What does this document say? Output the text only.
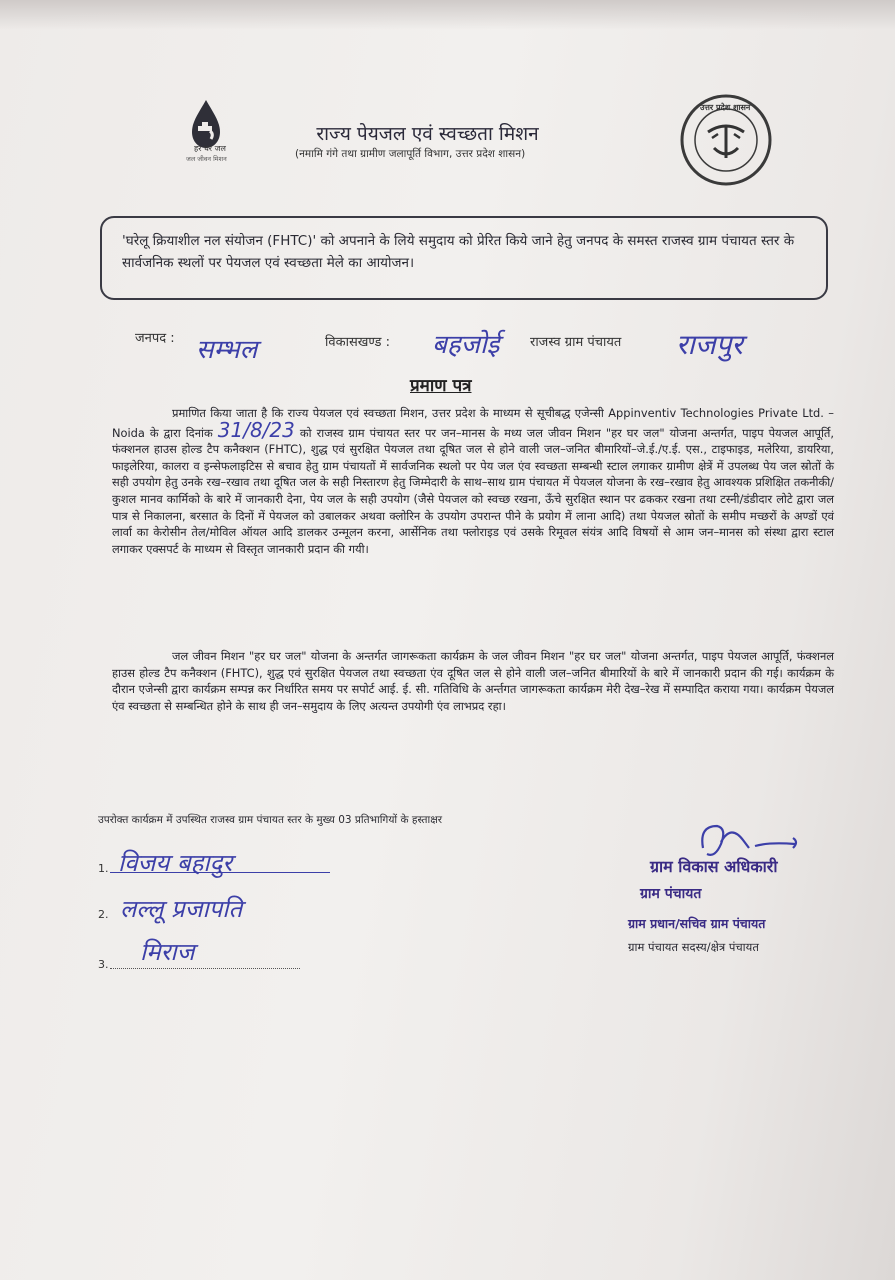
हर घर जल
जल जीवन मिशन
उत्तर प्रदेश शासन
राज्य पेयजल एवं स्वच्छता मिशन
(नमामि गंगे तथा ग्रामीण जलापूर्ति विभाग, उत्तर प्रदेश शासन)
'घरेलू क्रियाशील नल संयोजन (FHTC)' को अपनाने के लिये समुदाय को प्रेरित किये जाने हेतु जनपद के समस्त राजस्व ग्राम पंचायत स्तर के सार्वजनिक स्थलों पर पेयजल एवं स्वच्छता मेले का आयोजन।
जनपद : सम्भल	विकासखण्ड : बहजोई राजस्व ग्राम पंचायत राजपुर
प्रमाण पत्र
प्रमाणित किया जाता है कि राज्य पेयजल एवं स्वच्छता मिशन, उत्तर प्रदेश के माध्यम से सूचीबद्ध एजेन्सी Appinventiv Technologies Private Ltd. – Noida के द्वारा दिनांक 31/8/23 को राजस्व ग्राम पंचायत स्तर पर जन–मानस के मध्य जल जीवन मिशन "हर घर जल" योजना अन्तर्गत, पाइप पेयजल आपूर्ति, फंक्शनल हाउस होल्ड टैप कनैक्शन (FHTC), शुद्ध एवं सुरक्षित पेयजल तथा दूषित जल से होने वाली जल–जनित बीमारियों–जे.ई./ए.ई. एस., टाइफाइड, मलेरिया, डायरिया, फाइलेरिया, कालरा व इन्सेफलाइटिस से बचाव हेतु ग्राम पंचायतों में सार्वजनिक स्थलो पर पेय जल एंव स्वच्छता सम्बन्धी स्टाल लगाकर ग्रामीण क्षेत्रें में उपलब्ध पेय जल स्रोतों के सही उपयोग हेतु उनके रख–रखाव तथा दूषित जल के सही निस्तारण हेतु जिम्मेदारी के साथ–साथ ग्राम पंचायत में पेयजल योजना के रख–रखाव हेतु आवश्यक प्रशिक्षित तकनीकी/कुशल मानव कार्मिको के बारे में जानकारी देना, पेय जल के सही उपयोग (जैसे पेयजल को स्वच्छ रखना, ऊँचे सुरक्षित स्थान पर ढककर रखना तथा टस्नी/डंडीदार लोटे द्वारा जल पात्र से निकालना, बरसात के दिनों में पेयजल को उबालकर अथवा क्लोरिन के उपयोग उपरान्त पीने के प्रयोग में लाना आदि) तथा पेयजल स्रोतों के समीप मच्छरों के अण्डों एवं लार्वा का केरोसीन तेल/मोविल ऑयल आदि डालकर उन्मूलन करना, आर्सेनिक तथा फ्लोराइड एवं उसके रिमूवल संयंत्र आदि विषयों से आम जन–मानस को संस्था द्वारा स्टाल लगाकर एक्सपर्ट के माध्यम से विस्तृत जानकारी प्रदान की गयी।
जल जीवन मिशन "हर घर जल" योजना के अन्तर्गत जागरूकता कार्यक्रम के जल जीवन मिशन "हर घर जल" योजना अन्तर्गत, पाइप पेयजल आपूर्ति, फंक्शनल हाउस होल्ड टैप कनैक्शन (FHTC), शुद्ध एवं सुरक्षित पेयजल तथा स्वच्छता एंव दूषित जल से होने वाली जल–जनित बीमारियों के बारे में जानकारी प्रदान की गई। कार्यक्रम के दौरान एजेन्सी द्वारा कार्यक्रम सम्पन्न कर निर्धारित समय पर सपोर्ट आई. ई. सी. गतिविधि के अर्न्तगत जागरूकता कार्यक्रम मेरी देख–रेख में सम्पादित कराया गया। कार्यक्रम पेयजल एंव स्वच्छता से सम्बन्धित होने के साथ ही जन–समुदाय के लिए अत्यन्त उपयोगी एंव लाभप्रद रहा।
उपरोक्त कार्यक्रम में उपस्थित राजस्व ग्राम पंचायत स्तर के मुख्य 03 प्रतिभागियों के हस्ताक्षर
1. विजय बहादुर
2. लल्लू प्रजापति
3. मिराज
ग्राम विकास अधिकारी
ग्राम पंचायत
ग्राम प्रधान/सचिव ग्राम पंचायत
ग्राम पंचायत सदस्य/क्षेत्र पंचायत
